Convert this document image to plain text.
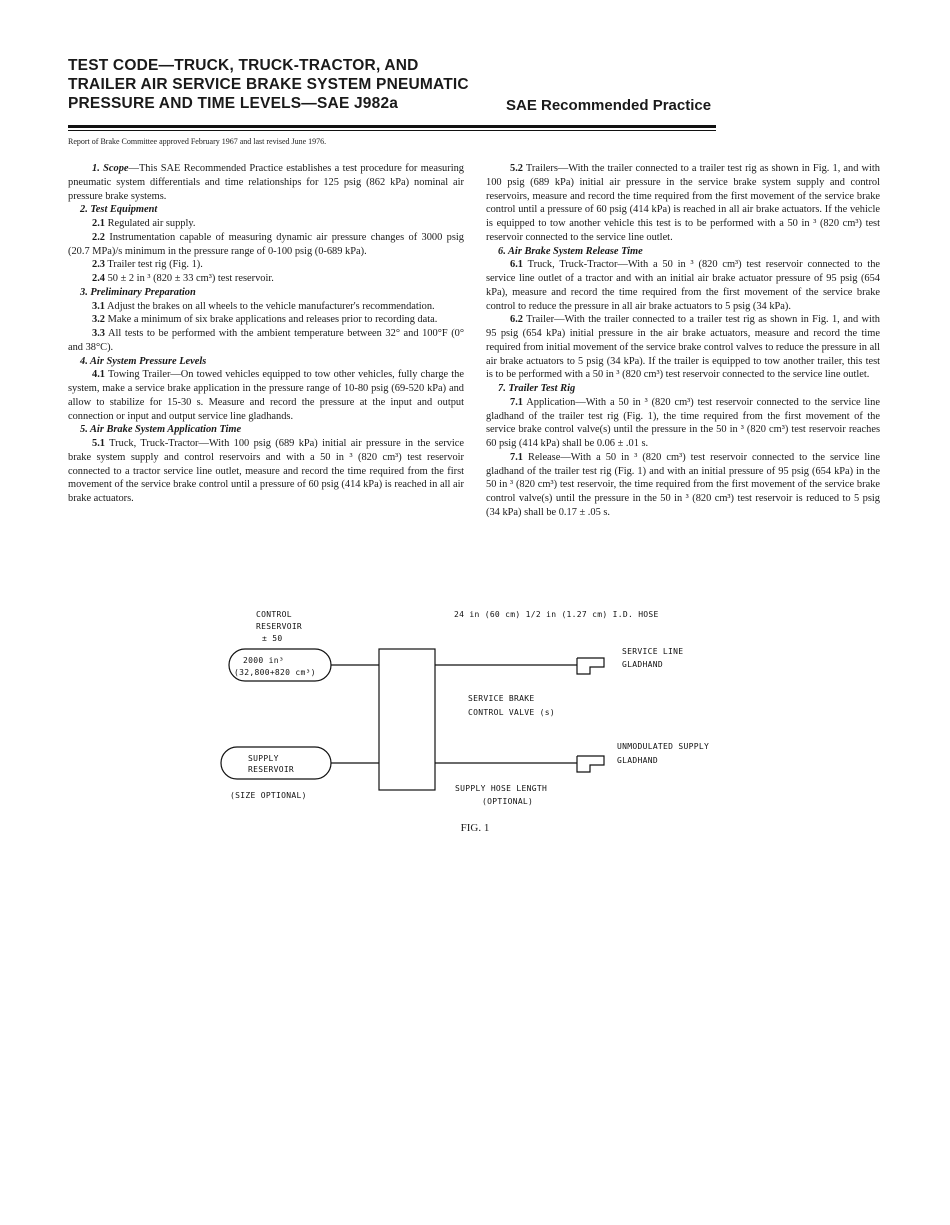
TEST CODE—TRUCK, TRUCK-TRACTOR, AND
TRAILER AIR SERVICE BRAKE SYSTEM PNEUMATIC
PRESSURE AND TIME LEVELS—SAE J982a	SAE Recommended Practice
Report of Brake Committee approved February 1967 and last revised June 1976.

1. Scope—This SAE Recommended Practice establishes a test procedure for measuring pneumatic system differentials and time relationships for 125 psig (862 kPa) nominal air pressure brake systems.

2. Test Equipment

2.1 Regulated air supply.

2.2 Instrumentation capable of measuring dynamic air pressure changes of 3000 psig (20.7 MPa)/s minimum in the pressure range of 0-100 psig (0-689 kPa).

2.3 Trailer test rig (Fig. 1).

2.4 50 ± 2 in ³ (820 ± 33 cm³) test reservoir.

3. Preliminary Preparation

3.1 Adjust the brakes on all wheels to the vehicle manufacturer's recommendation.

3.2 Make a minimum of six brake applications and releases prior to recording data.

3.3 All tests to be performed with the ambient temperature between 32° and 100°F (0° and 38°C).

4. Air System Pressure Levels

4.1 Towing Trailer—On towed vehicles equipped to tow other vehicles, fully charge the system, make a service brake application in the pressure range of 10-80 psig (69-520 kPa) and allow to stabilize for 15-30 s. Measure and record the pressure at the input and output connection or input and output service line gladhands.

5. Air Brake System Application Time

5.1 Truck, Truck-Tractor—With 100 psig (689 kPa) initial air pressure in the service brake system supply and control reservoirs and with a 50 in ³ (820 cm³) test reservoir connected to a tractor service line outlet, measure and record the time required from the first movement of the service brake control until a pressure of 60 psig (414 kPa) is reached in all air brake actuators.

5.2 Trailers—With the trailer connected to a trailer test rig as shown in Fig. 1, and with 100 psig (689 kPa) initial air pressure in the service brake system supply and control reservoirs, measure and record the time required from the first movement of the service brake control until a pressure of 60 psig (414 kPa) is reached in all air brake actuators. If the vehicle is equipped to tow another vehicle this test is to be performed with a 50 in ³ (820 cm³) test reservoir connected to the service line outlet.

6. Air Brake System Release Time

6.1 Truck, Truck-Tractor—With a 50 in ³ (820 cm³) test reservoir connected to the service line outlet of a tractor and with an initial air brake actuator pressure of 95 psig (654 kPa), measure and record the time required from the first movement of the service brake control to reduce the pressure in all air brake actuators to 5 psig (34 kPa).

6.2 Trailer—With the trailer connected to a trailer test rig as shown in Fig. 1, and with 95 psig (654 kPa) initial pressure in the air brake actuators, measure and record the time required from initial movement of the service brake control valves to reduce the pressure in all air brake actuators to 5 psig (34 kPa). If the trailer is equipped to tow another trailer, this test is to be performed with a 50 in ³ (820 cm³) test reservoir connected to the service line outlet.

7. Trailer Test Rig

7.1 Application—With a 50 in ³ (820 cm³) test reservoir connected to the service line gladhand of the trailer test rig (Fig. 1), the time required from the first movement of the service brake control valve(s) until the pressure in the 50 in ³ (820 cm³) test reservoir reaches 60 psig (414 kPa) shall be 0.06 ± .01 s.

7.1 Release—With a 50 in ³ (820 cm³) test reservoir connected to the service line gladhand of the trailer test rig (Fig. 1) and with an initial pressure of 95 psig (654 kPa) in the 50 in ³ (820 cm³) test reservoir, the time required from the first movement of the service brake control valve(s) until the pressure in the 50 in ³ (820 cm³) test reservoir is reduced to 5 psig (34 kPa) shall be 0.17 ± .05 s.

CONTROL
RESERVOIR
± 50
2000 in³
(32,800+820 cm³)
24 in (60 cm) 1/2 in (1.27 cm) I.D. HOSE
SERVICE LINE
GLADHAND
SERVICE BRAKE
CONTROL VALVE (s)
UNMODULATED SUPPLY
GLADHAND
SUPPLY
RESERVOIR
(SIZE OPTIONAL)
SUPPLY HOSE LENGTH
(OPTIONAL)
FIG. 1
